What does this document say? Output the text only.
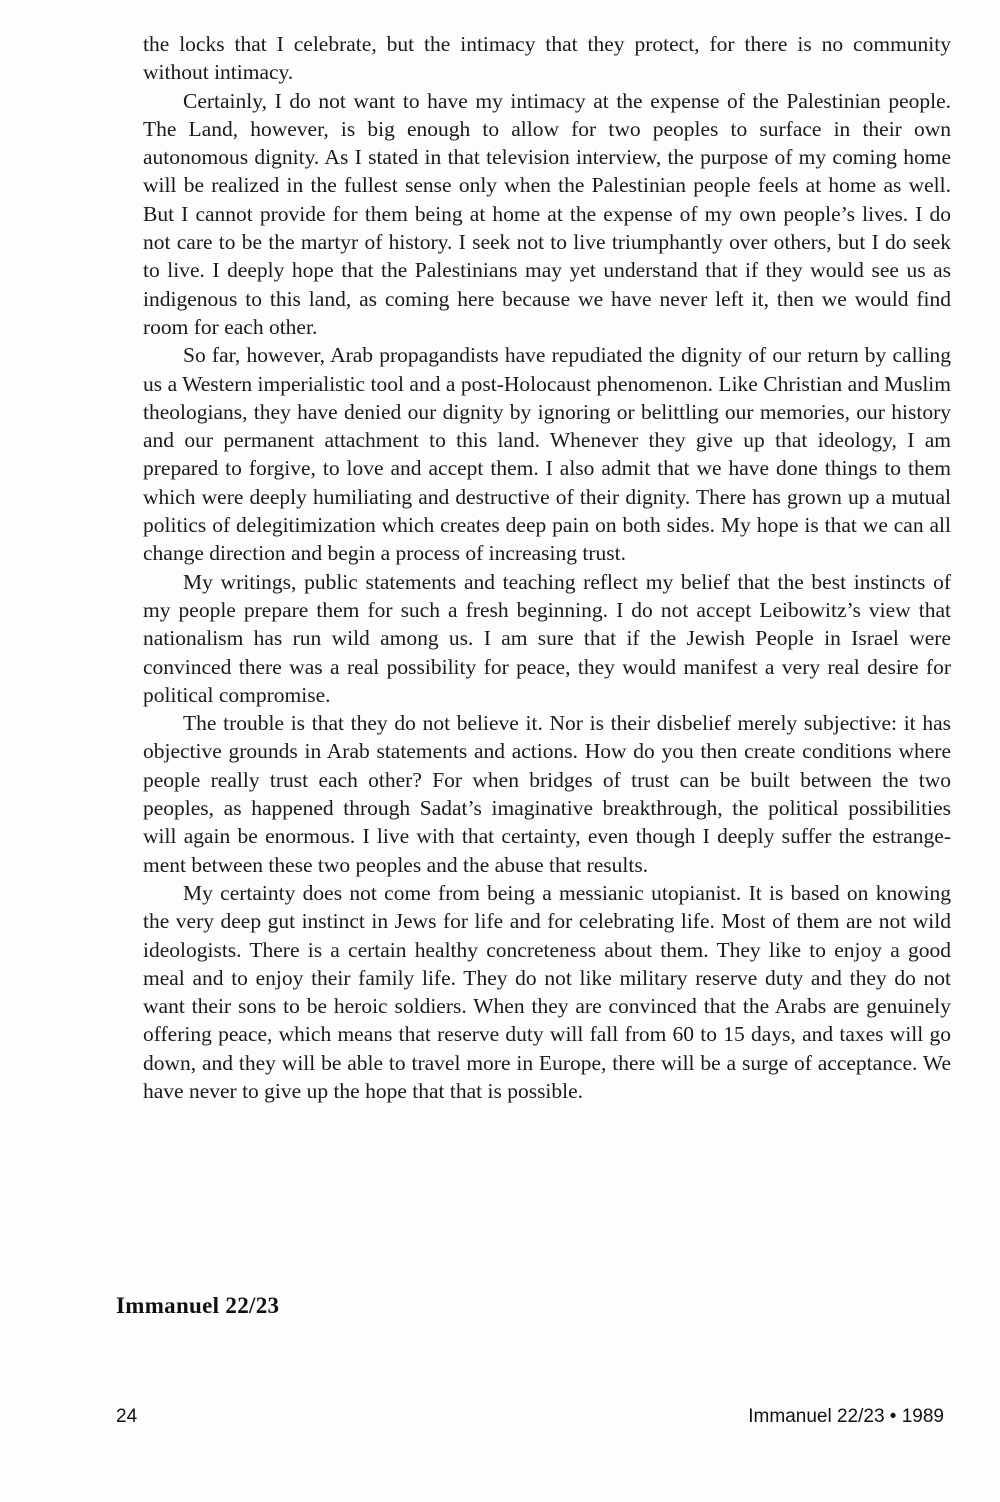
the locks that I celebrate, but the intimacy that they protect, for there is no community without intimacy.

Certainly, I do not want to have my intimacy at the expense of the Palestinian people. The Land, however, is big enough to allow for two peoples to surface in their own autonomous dignity. As I stated in that television interview, the purpose of my coming home will be realized in the fullest sense only when the Palestinian people feels at home as well. But I cannot provide for them being at home at the expense of my own people’s lives. I do not care to be the martyr of history. I seek not to live triumphantly over others, but I do seek to live. I deeply hope that the Palestinians may yet understand that if they would see us as indigenous to this land, as coming here because we have never left it, then we would find room for each other.

So far, however, Arab propagandists have repudiated the dignity of our return by calling us a Western imperialistic tool and a post-Holocaust phenomenon. Like Christian and Muslim theologians, they have denied our dignity by ignoring or belittling our memories, our history and our permanent attachment to this land. Whenever they give up that ideology, I am prepared to forgive, to love and accept them. I also admit that we have done things to them which were deeply humiliating and destructive of their dignity. There has grown up a mutual politics of delegitimization which creates deep pain on both sides. My hope is that we can all change direction and begin a process of increasing trust.

My writings, public statements and teaching reflect my belief that the best instincts of my people prepare them for such a fresh beginning. I do not accept Leibowitz’s view that nationalism has run wild among us. I am sure that if the Jewish People in Israel were convinced there was a real possibility for peace, they would manifest a very real desire for political compromise.

The trouble is that they do not believe it. Nor is their disbelief merely subjective: it has objective grounds in Arab statements and actions. How do you then create conditions where people really trust each other? For when bridges of trust can be built between the two peoples, as happened through Sadat’s imaginative breakthrough, the political possibilities will again be enormous. I live with that certainty, even though I deeply suffer the estrangement between these two peoples and the abuse that results.

My certainty does not come from being a messianic utopianist. It is based on knowing the very deep gut instinct in Jews for life and for celebrating life. Most of them are not wild ideologists. There is a certain healthy concreteness about them. They like to enjoy a good meal and to enjoy their family life. They do not like military reserve duty and they do not want their sons to be heroic soldiers. When they are convinced that the Arabs are genuinely offering peace, which means that reserve duty will fall from 60 to 15 days, and taxes will go down, and they will be able to travel more in Europe, there will be a surge of acceptance. We have never to give up the hope that that is possible.

Immanuel 22/23
24	Immanuel 22/23 • 1989
